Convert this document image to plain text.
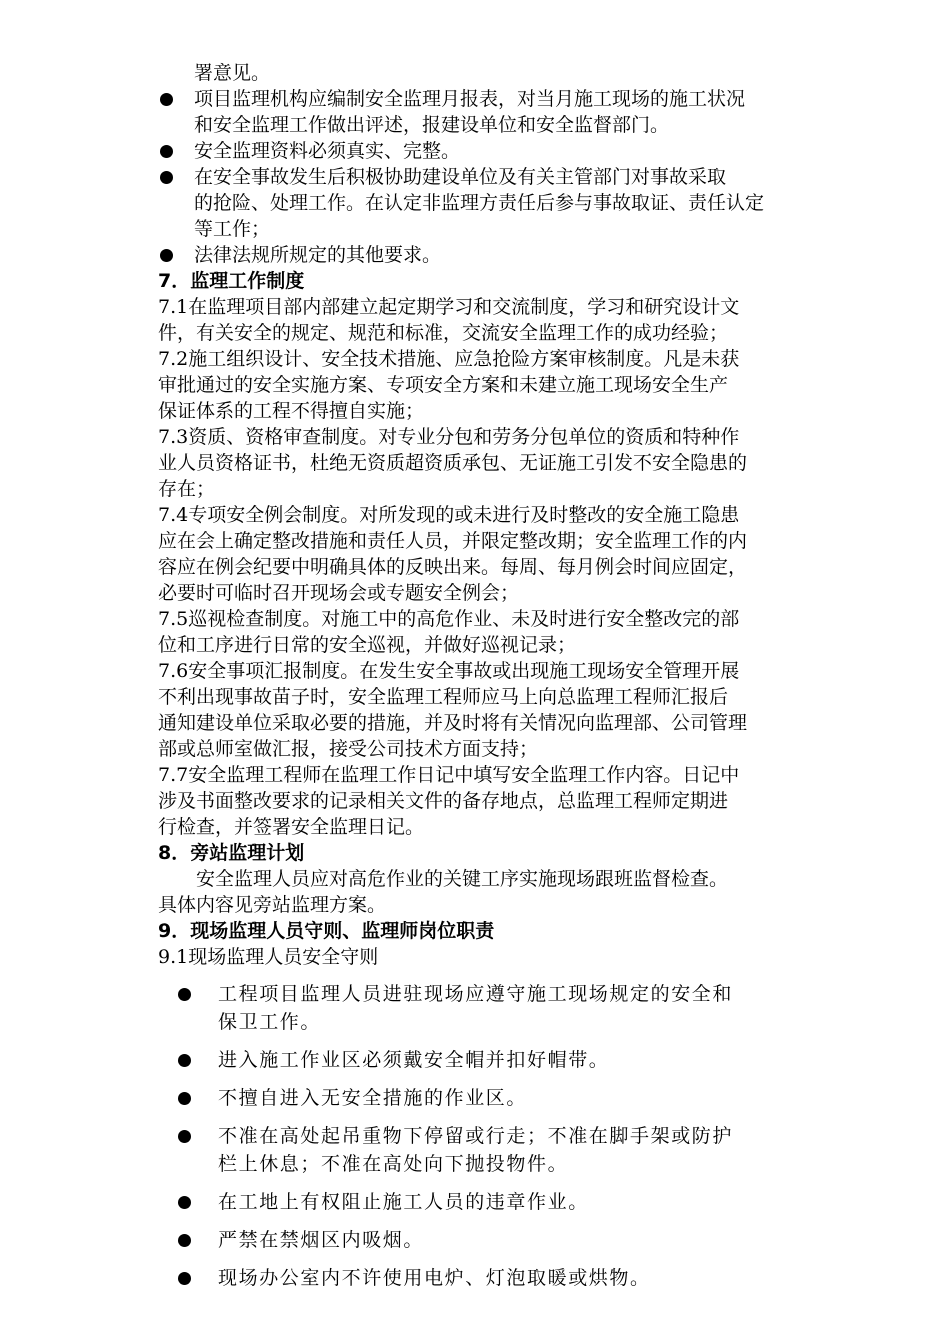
署意见。
项目监理机构应编制安全监理月报表，对当月施工现场的施工状况
和安全监理工作做出评述，报建设单位和安全监督部门。
安全监理资料必须真实、完整。
在安全事故发生后积极协助建设单位及有关主管部门对事故采取
的抢险、处理工作。在认定非监理方责任后参与事故取证、责任认定
等工作；
法律法规所规定的其他要求。
7．监理工作制度
7.1在监理项目部内部建立起定期学习和交流制度，学习和研究设计文
件，有关安全的规定、规范和标准，交流安全监理工作的成功经验；
7.2施工组织设计、安全技术措施、应急抢险方案审核制度。凡是未获
审批通过的安全实施方案、专项安全方案和未建立施工现场安全生产
保证体系的工程不得擅自实施；
7.3资质、资格审查制度。对专业分包和劳务分包单位的资质和特种作
业人员资格证书，杜绝无资质超资质承包、无证施工引发不安全隐患的
存在；
7.4专项安全例会制度。对所发现的或未进行及时整改的安全施工隐患
应在会上确定整改措施和责任人员，并限定整改期；安全监理工作的内
容应在例会纪要中明确具体的反映出来。每周、每月例会时间应固定，
必要时可临时召开现场会或专题安全例会；
7.5巡视检查制度。对施工中的高危作业、未及时进行安全整改完的部
位和工序进行日常的安全巡视，并做好巡视记录；
7.6安全事项汇报制度。在发生安全事故或出现施工现场安全管理开展
不利出现事故苗子时，安全监理工程师应马上向总监理工程师汇报后
通知建设单位采取必要的措施，并及时将有关情况向监理部、公司管理
部或总师室做汇报，接受公司技术方面支持；
7.7安全监理工程师在监理工作日记中填写安全监理工作内容。日记中
涉及书面整改要求的记录相关文件的备存地点，总监理工程师定期进
行检查，并签署安全监理日记。
8．旁站监理计划
安全监理人员应对高危作业的关键工序实施现场跟班监督检查。
具体内容见旁站监理方案。
9．现场监理人员守则、监理师岗位职责
9.1现场监理人员安全守则
工程项目监理人员进驻现场应遵守施工现场规定的安全和
保卫工作。
进入施工作业区必须戴安全帽并扣好帽带。
不擅自进入无安全措施的作业区。
不准在高处起吊重物下停留或行走；不准在脚手架或防护
栏上休息；不准在高处向下抛投物件。
在工地上有权阻止施工人员的违章作业。
严禁在禁烟区内吸烟。
现场办公室内不许使用电炉、灯泡取暖或烘物。
